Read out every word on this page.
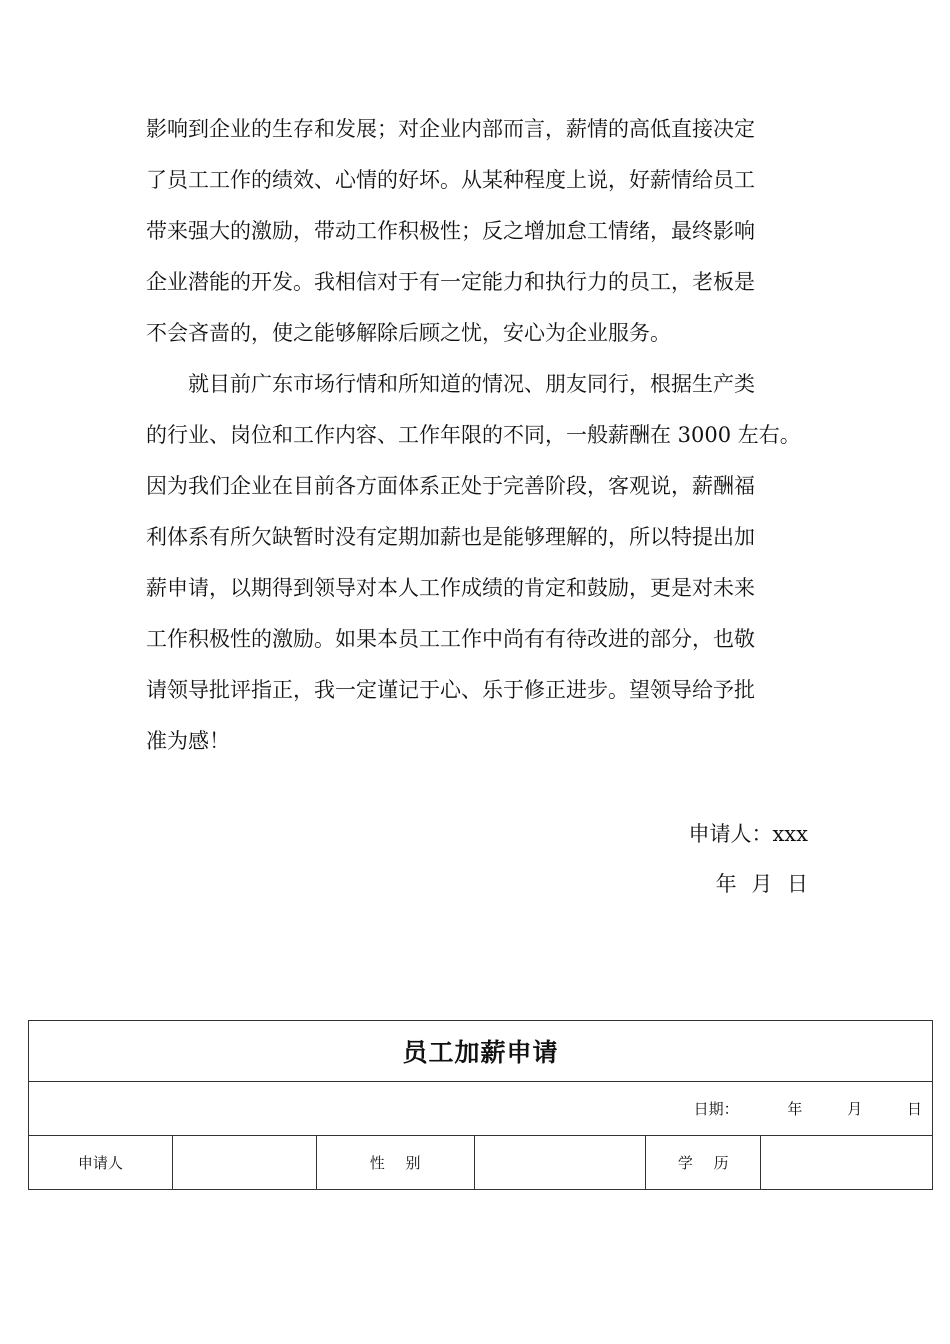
影响到企业的生存和发展；对企业内部而言，薪情的高低直接决定
了员工工作的绩效、心情的好坏。从某种程度上说，好薪情给员工
带来强大的激励，带动工作积极性；反之增加怠工情绪，最终影响
企业潜能的开发。我相信对于有一定能力和执行力的员工，老板是
不会吝啬的，使之能够解除后顾之忧，安心为企业服务。
就目前广东市场行情和所知道的情况、朋友同行，根据生产类
的行业、岗位和工作内容、工作年限的不同，一般薪酬在 3000 左右。
因为我们企业在目前各方面体系正处于完善阶段，客观说，薪酬福
利体系有所欠缺暂时没有定期加薪也是能够理解的，所以特提出加
薪申请，以期得到领导对本人工作成绩的肯定和鼓励，更是对未来
工作积极性的激励。如果本员工工作中尚有有待改进的部分，也敬
请领导批评指正，我一定谨记于心、乐于修正进步。望领导给予批
准为感！
申请人：xxx
年 月 日
员工加薪申请
日期：	年	月	日
申请人		性 别		学 历	
